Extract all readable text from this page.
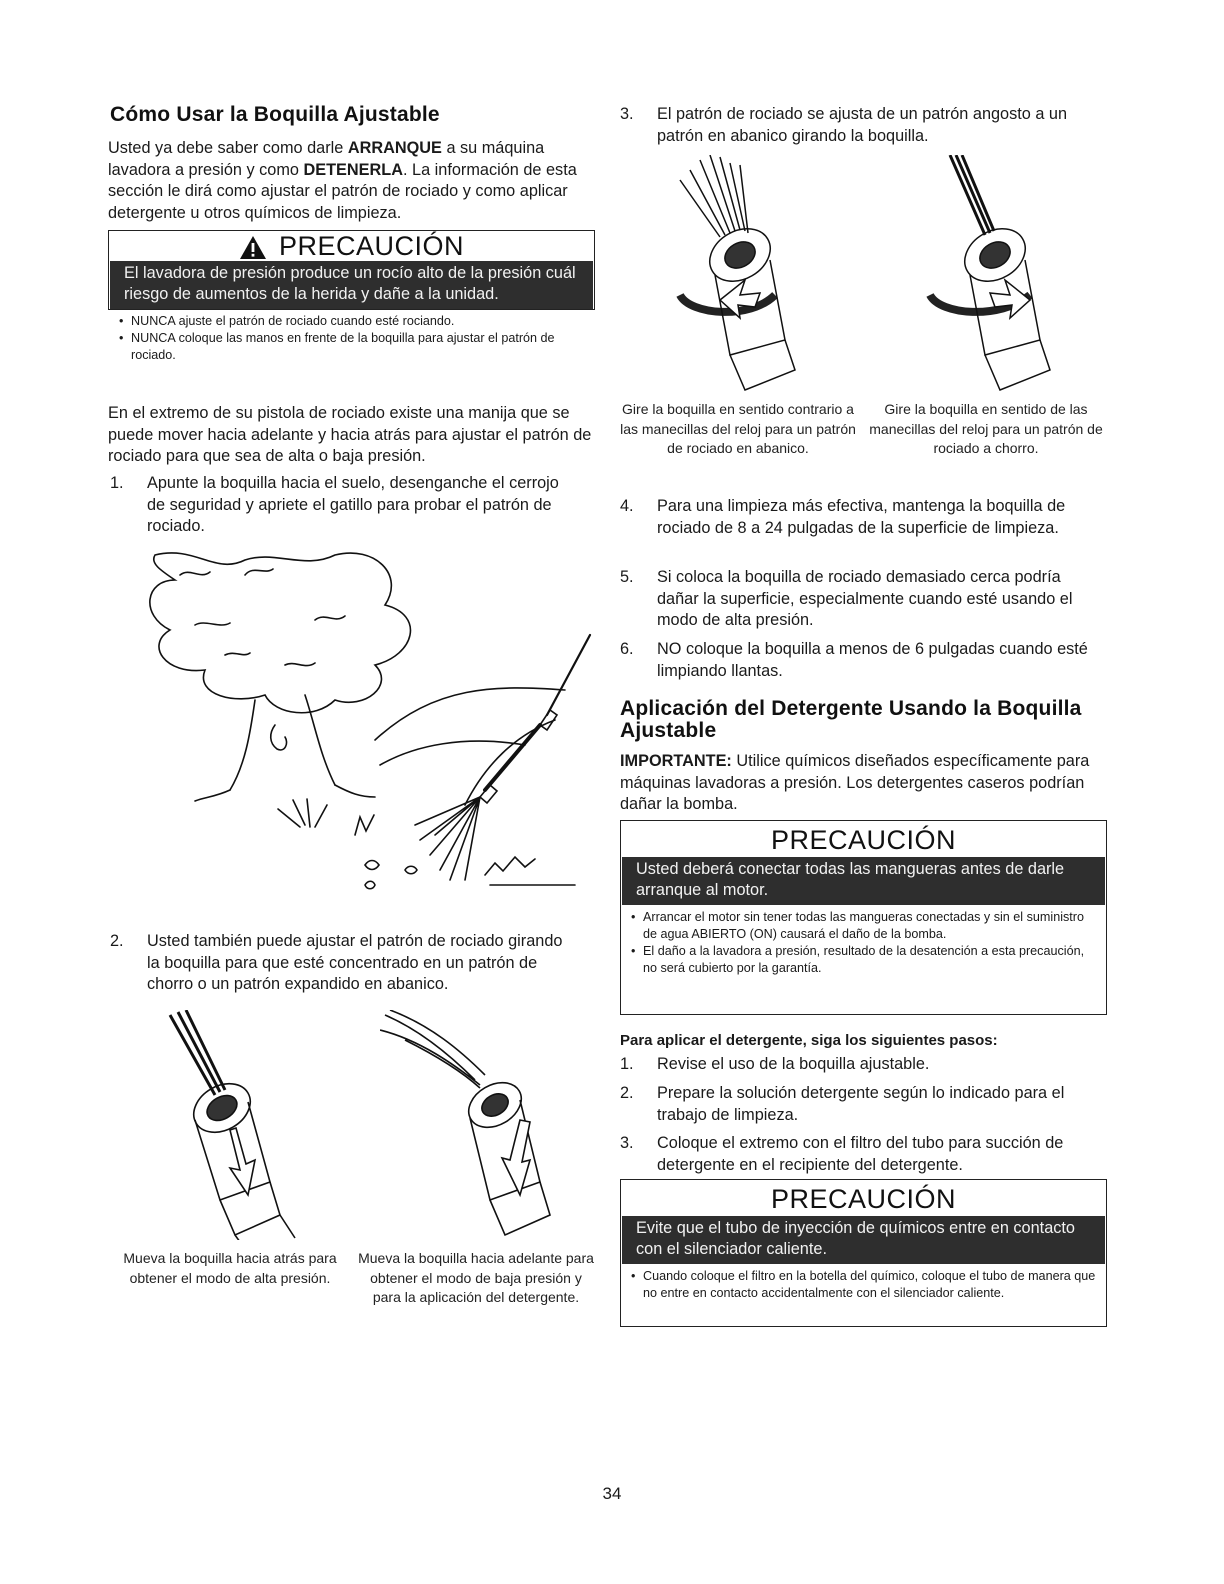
Cómo Usar la Boquilla Ajustable

Usted ya debe saber como darle ARRANQUE a su máquina lavadora a presión y como DETENERLA. La información de esta sección le dirá como ajustar el patrón de rociado y como aplicar detergente u otros químicos de limpieza.

PRECAUCIÓN
El lavadora de presión produce un rocío alto de la presión cuál riesgo de aumentos de la herida y dañe a la unidad.
• NUNCA ajuste el patrón de rociado cuando esté rociando.
• NUNCA coloque las manos en frente de la boquilla para ajustar el patrón de rociado.

En el extremo de su pistola de rociado existe una manija que se puede mover hacia adelante y hacia atrás para ajustar el patrón de rociado para que sea de alta o baja presión.

1. Apunte la boquilla hacia el suelo, desenganche el cerrojo de seguridad y apriete el gatillo para probar el patrón de rociado.
2. Usted también puede ajustar el patrón de rociado girando la boquilla para que esté concentrado en un patrón de chorro o un patrón expandido en abanico.
Mueva la boquilla hacia atrás para obtener el modo de alta presión.
Mueva la boquilla hacia adelante para obtener el modo de baja presión y para la aplicación del detergente.
3. El patrón de rociado se ajusta de un patrón angosto a un patrón en abanico girando la boquilla.
Gire la boquilla en sentido contrario a las manecillas del reloj para un patrón de rociado en abanico.
Gire la boquilla en sentido de las manecillas del reloj para un patrón de rociado a chorro.
4. Para una limpieza más efectiva, mantenga la boquilla de rociado de 8 a 24 pulgadas de la superficie de limpieza.
5. Si coloca la boquilla de rociado demasiado cerca podría dañar la superficie, especialmente cuando esté usando el modo de alta presión.
6. NO coloque la boquilla a menos de 6 pulgadas cuando esté limpiando llantas.
Aplicación del Detergente Usando la Boquilla Ajustable

IMPORTANTE: Utilice químicos diseñados específicamente para máquinas lavadoras a presión. Los detergentes caseros podrían dañar la bomba.

PRECAUCIÓN
Usted deberá conectar todas las mangueras antes de darle arranque al motor.
• Arrancar el motor sin tener todas las mangueras conectadas y sin el suministro de agua ABIERTO (ON) causará el daño de la bomba.
• El daño a la lavadora a presión, resultado de la desatención a esta precaución, no será cubierto por la garantía.
Para aplicar el detergente, siga los siguientes pasos:
1. Revise el uso de la boquilla ajustable.
2. Prepare la solución detergente según lo indicado para el trabajo de limpieza.
3. Coloque el extremo con el filtro del tubo para succión de detergente en el recipiente del detergente.
PRECAUCIÓN
Evite que el tubo de inyección de químicos entre en contacto con el silenciador caliente.
• Cuando coloque el filtro en la botella del químico, coloque el tubo de manera que no entre en contacto accidentalmente con el silenciador caliente.
34
